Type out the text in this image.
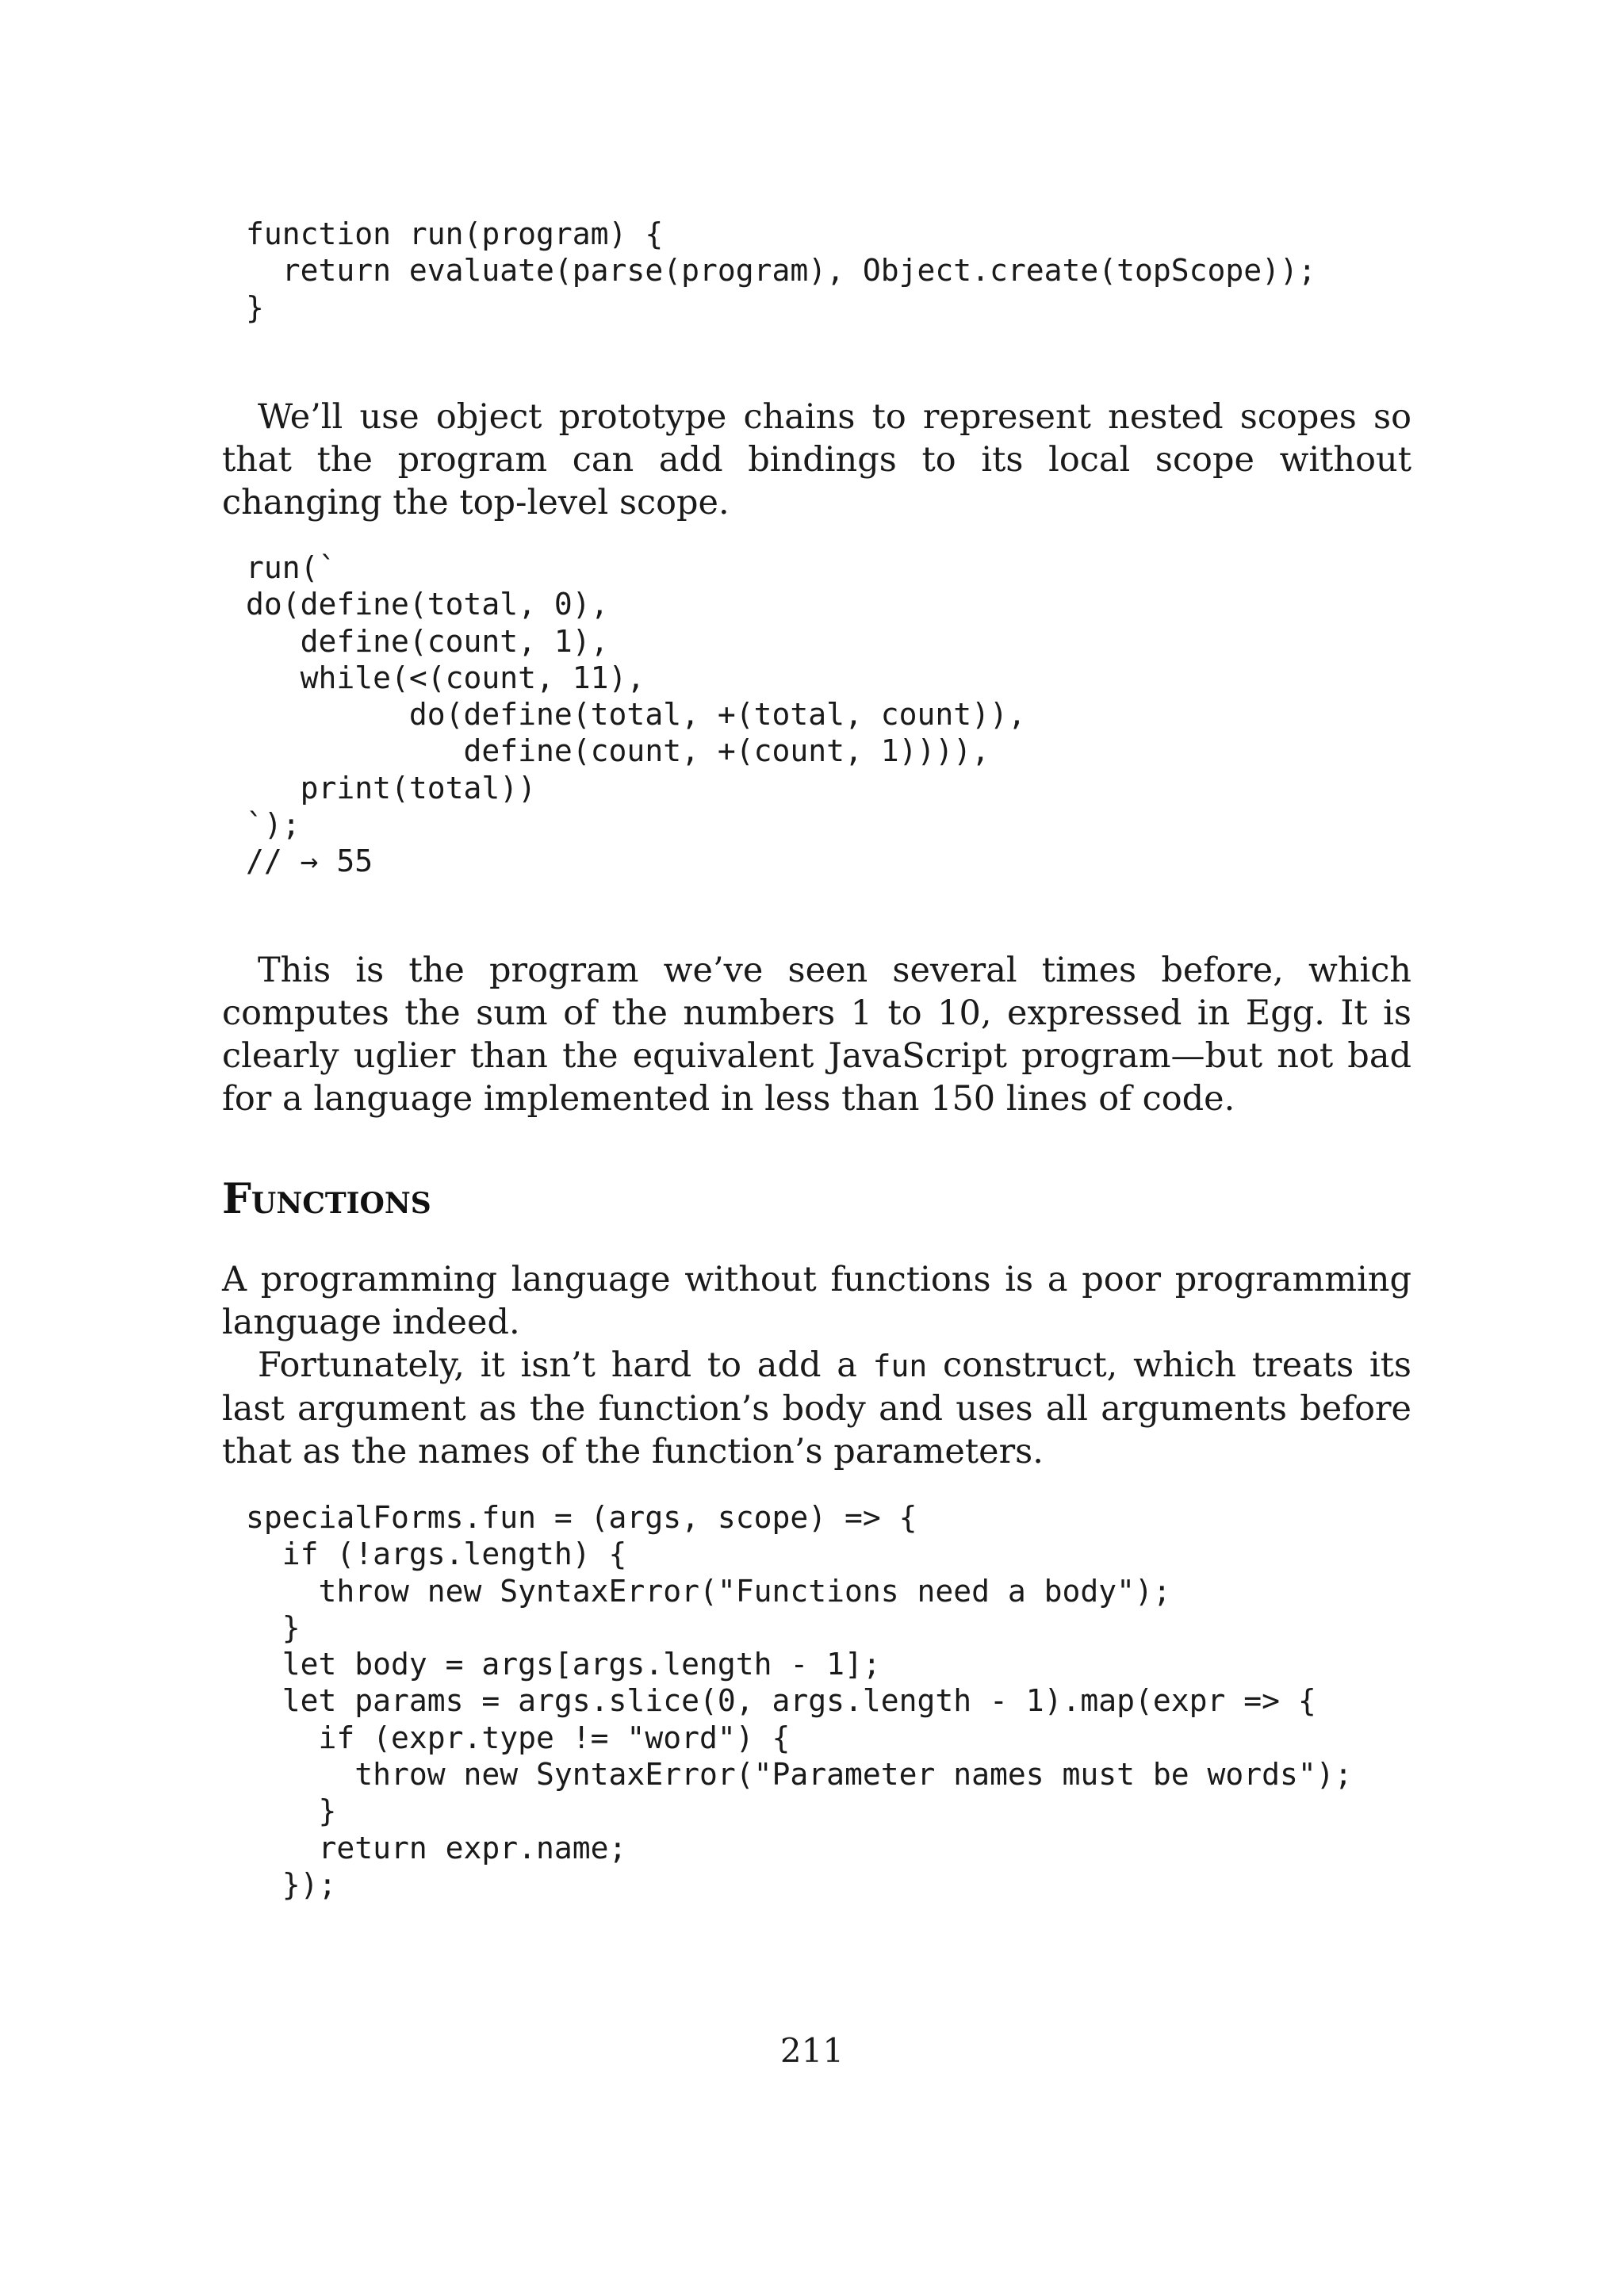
function run(program) {
return evaluate(parse(program), Object.create(topScope));
}

We’ll use object prototype chains to represent nested scopes so that the program can add bindings to its local scope without changing the top-level scope.

run(`
do(define(total, 0),
define(count, 1),
while(<(count, 11),
do(define(total, +(total, count)),
define(count, +(count, 1)))),
print(total))
`);
// → 55

This is the program we’ve seen several times before, which computes the sum of the numbers 1 to 10, expressed in Egg. It is clearly uglier than the equivalent JavaScript program—but not bad for a language implemented in less than 150 lines of code.

Functions

A programming language without functions is a poor programming language indeed.

Fortunately, it isn’t hard to add a fun construct, which treats its last argument as the function’s body and uses all arguments before that as the names of the function’s parameters.

specialForms.fun = (args, scope) => {
if (!args.length) {
throw new SyntaxError("Functions need a body");
}
let body = args[args.length - 1];
let params = args.slice(0, args.length - 1).map(expr => {
if (expr.type != "word") {
throw new SyntaxError("Parameter names must be words");
}
return expr.name;
});
211
